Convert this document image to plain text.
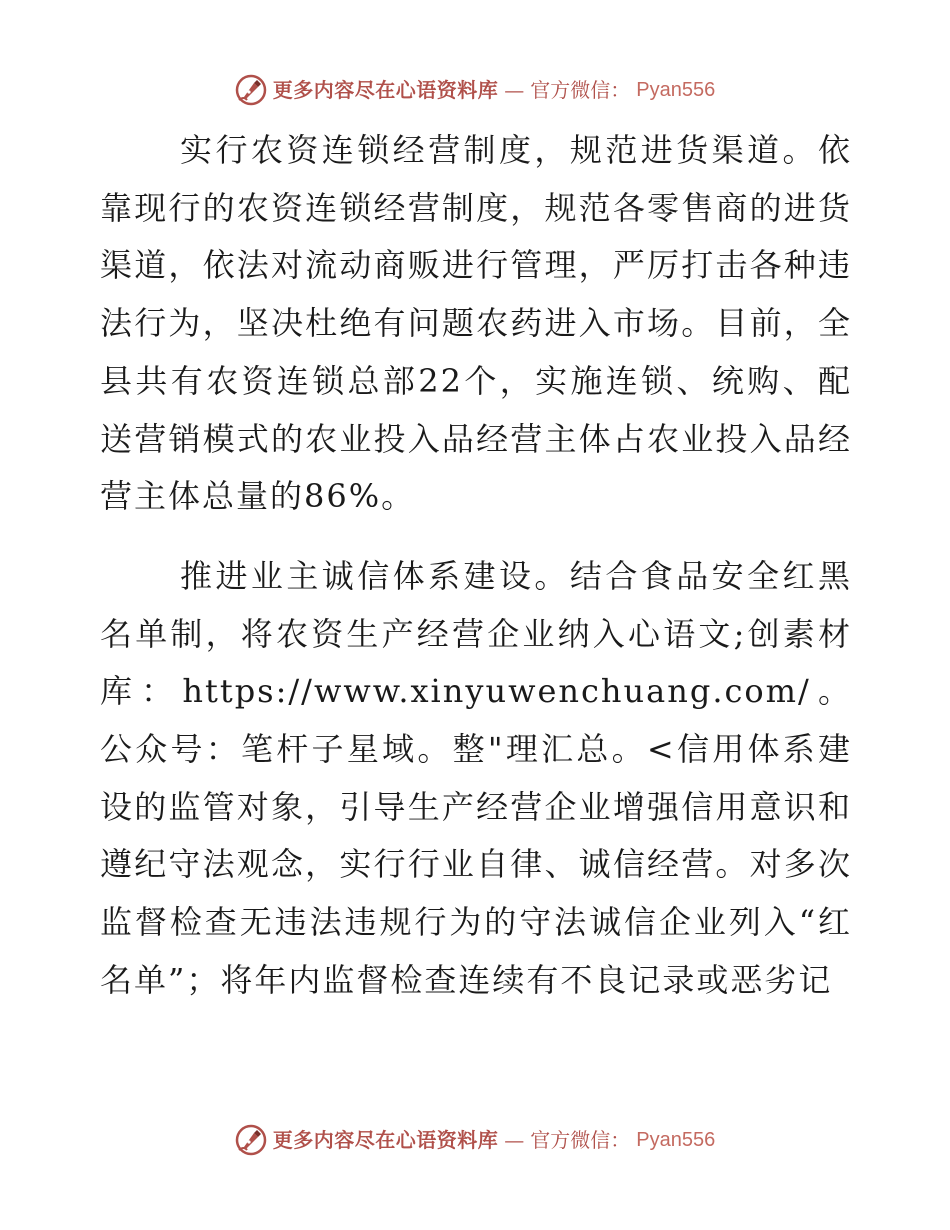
更多内容尽在心语资料库 — 官方微信： Pyan556

实行农资连锁经营制度，规范进货渠道。依靠现行的农资连锁经营制度，规范各零售商的进货渠道，依法对流动商贩进行管理，严厉打击各种违法行为，坚决杜绝有问题农药进入市场。目前，全县共有农资连锁总部22个，实施连锁、统购、配送营销模式的农业投入品经营主体占农业投入品经营主体总量的86%。

推进业主诚信体系建设。结合食品安全红黑名单制，将农资生产经营企业纳入心语文;创素材库：https://www.xinyuwenchuang.com/。公众号：笔杆子星域。整"理汇总。<信用体系建设的监管对象，引导生产经营企业增强信用意识和遵纪守法观念，实行行业自律、诚信经营。对多次监督检查无违法违规行为的守法诚信企业列入“红名单”；将年内监督检查连续有不良记录或恶劣记

更多内容尽在心语资料库 — 官方微信： Pyan556
